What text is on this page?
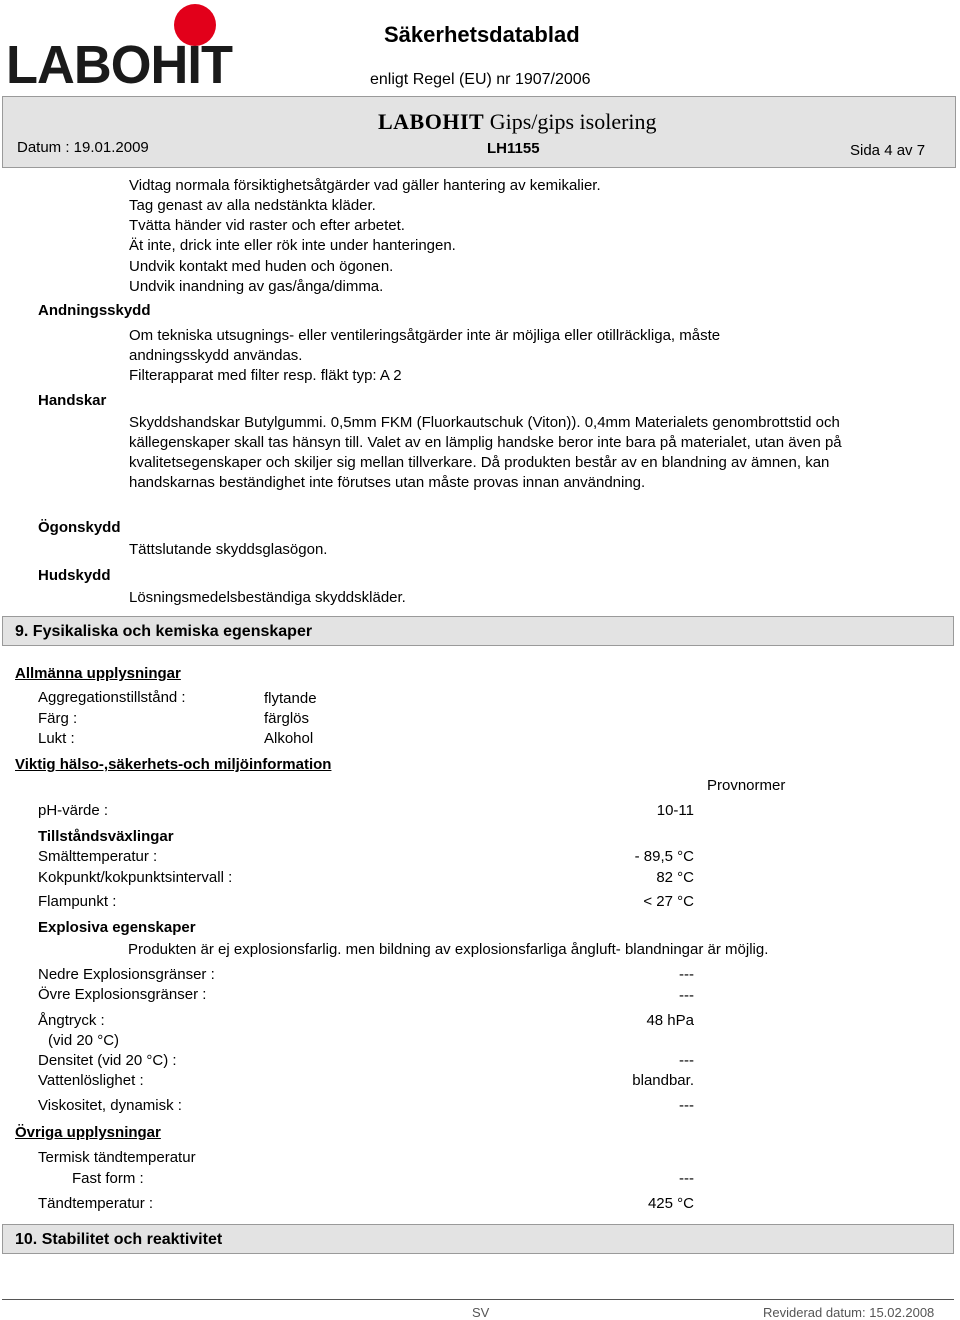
LABOHIT
Säkerhetsdatablad
enligt Regel (EU) nr 1907/2006
LABOHIT Gips/gips isolering
LH1155
Datum : 19.01.2009	Sida 4 av 7
Vidtag normala försiktighetsåtgärder vad gäller hantering av kemikalier.
Tag genast av alla nedstänkta kläder.
Tvätta händer vid raster och efter arbetet.
Ät inte, drick inte eller rök inte under hanteringen.
Undvik kontakt med huden och ögonen.
Undvik inandning av gas/ånga/dimma.
Andningsskydd
Om tekniska utsugnings- eller ventileringsåtgärder inte är möjliga eller otillräckliga, måste andningsskydd användas.
Filterapparat med filter resp. fläkt typ: A 2
Handskar
Skyddshandskar Butylgummi. 0,5mm FKM (Fluorkautschuk (Viton)). 0,4mm Materialets genombrottstid och källegenskaper skall tas hänsyn till. Valet av en lämplig handske beror inte bara på materialet, utan även på kvalitetsegenskaper och skiljer sig mellan tillverkare. Då produkten består av en blandning av ämnen, kan handskarnas beständighet inte förutses utan måste provas innan användning.
Ögonskydd
Tättslutande skyddsglasögon.
Hudskydd
Lösningsmedelsbeständiga skyddskläder.
9. Fysikaliska och kemiska egenskaper
Allmänna upplysningar
Aggregationstillstånd :	flytande
Färg :	färglös
Lukt :	Alkohol
Viktig hälso-,säkerhets-och miljöinformation
Provnormer
pH-värde :	10-11
Tillståndsväxlingar
Smälttemperatur :	- 89,5 °C
Kokpunkt/kokpunktsintervall :	82 °C
Flampunkt :	< 27 °C
Explosiva egenskaper
Produkten är ej explosionsfarlig. men bildning av explosionsfarliga ångluft- blandningar är möjlig.
Nedre Explosionsgränser :	---
Övre Explosionsgränser :	---
Ångtryck :	48 hPa
(vid 20 °C)
Densitet (vid 20 °C) :	---
Vattenlöslighet :	blandbar.
Viskositet, dynamisk :	---
Övriga upplysningar
Termisk tändtemperatur
Fast form :	---
Tändtemperatur :	425 °C
10. Stabilitet och reaktivitet
SV	Reviderad datum: 15.02.2008
